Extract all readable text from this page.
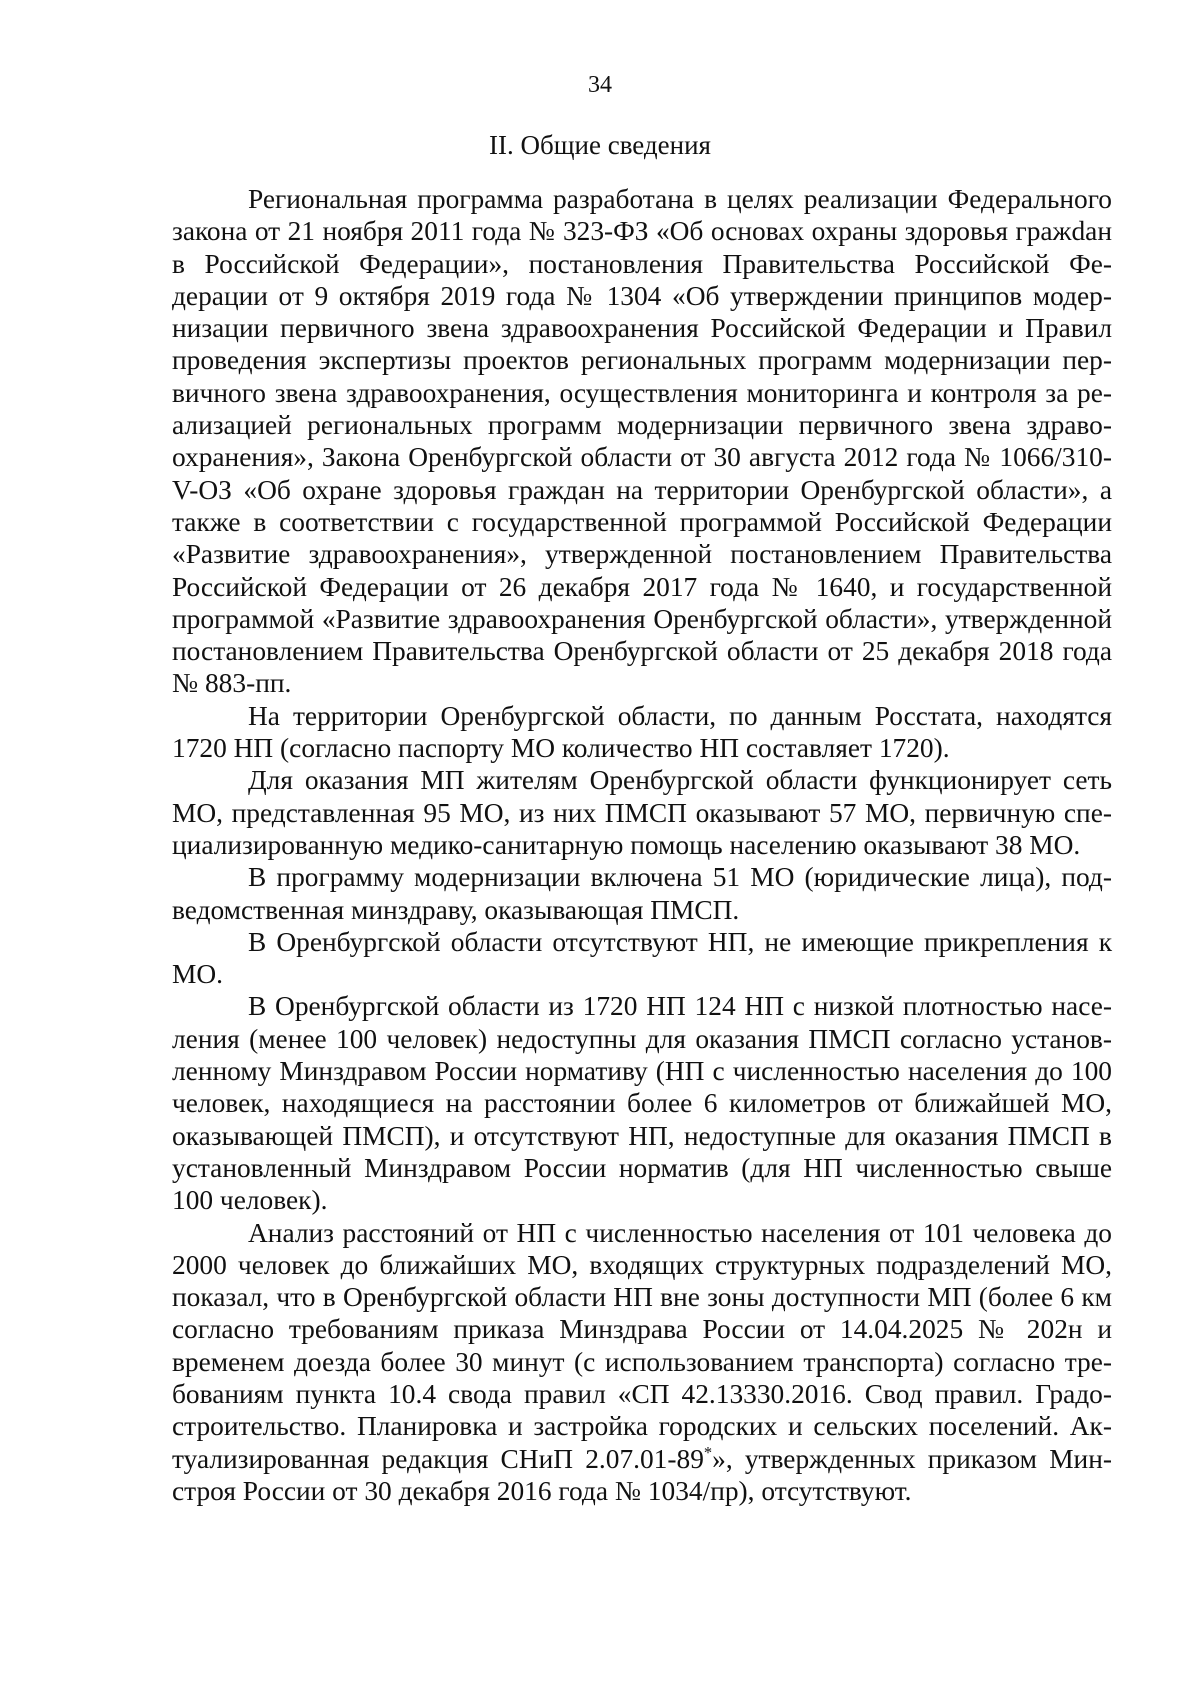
34
II. Общие сведения

Региональная программа разработана в целях реализации Федерального закона от 21 ноября 2011 года № 323-ФЗ «Об основах охраны здоровья гражdан в Российской Федерации», постановления Правительства Российской Федерации от 9 октября 2019 года № 1304 «Об утверждении принципов модернизации первичного звена здравоохранения Российской Федерации и Правил проведения экспертизы проектов региональных программ модернизации первичного звена здравоохранения, осуществления мониторинга и контроля за реализацией региональных программ модернизации первичного звена здравоохранения», Закона Оренбургской области от 30 августа 2012 года № 1066/310-V-ОЗ «Об охране здоровья граждан на территории Оренбургской области», а также в соответствии с государственной программой Российской Федерации «Развитие здравоохранения», утвержденной постановлением Правительства Российской Федерации от 26 декабря 2017 года № 1640, и государственной программой «Развитие здравоохранения Оренбургской области», утвержденной постановлением Правительства Оренбургской области от 25 декабря 2018 года № 883-пп.

На территории Оренбургской области, по данным Росстата, находятся 1720 НП (согласно паспорту МО количество НП составляет 1720).

Для оказания МП жителям Оренбургской области функционирует сеть МО, представленная 95 МО, из них ПМСП оказывают 57 МО, первичную специализированную медико-санитарную помощь населению оказывают 38 МО.

В программу модернизации включена 51 МО (юридические лица), подведомственная минздраву, оказывающая ПМСП.

В Оренбургской области отсутствуют НП, не имеющие прикрепления к МО.

В Оренбургской области из 1720 НП 124 НП с низкой плотностью населения (менее 100 человек) недоступны для оказания ПМСП согласно установленному Минздравом России нормативу (НП с численностью населения до 100 человек, находящиеся на расстоянии более 6 километров от ближайшей МО, оказывающей ПМСП), и отсутствуют НП, недоступные для оказания ПМСП в установленный Минздравом России норматив (для НП численностью свыше 100 человек).

Анализ расстояний от НП с численностью населения от 101 человека до 2000 человек до ближайших МО, входящих структурных подразделений МО, показал, что в Оренбургской области НП вне зоны доступности МП (более 6 км согласно требованиям приказа Минздрава России от 14.04.2025 № 202н и временем доезда более 30 минут (с использованием транспорта) согласно требованиям пункта 10.4 свода правил «СП 42.13330.2016. Свод правил. Градостроительство. Планировка и застройка городских и сельских поселений. Актуализированная редакция СНиП 2.07.01-89*», утвержденных приказом Минстроя России от 30 декабря 2016 года № 1034/пр), отсутствуют.
